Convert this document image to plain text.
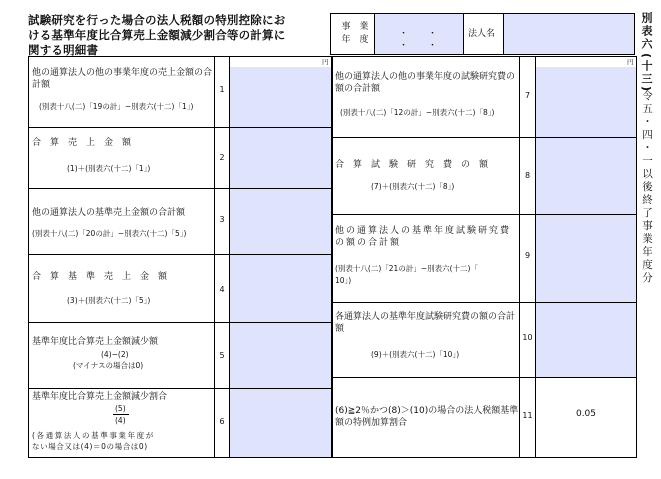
試験研究を行った場合の法人税額の特別控除にお
ける基準年度比合算売上金額減少割合等の計算に
関する明細書
事　業
年　度
・ ・
・ ・
法人名
円	円
他の通算法人の他の事業年度の売上金額の合計額
(別表十八(二)「19の計」−別表六(十二)「1」)
1
合　算　売　上　金　額
(1)＋(別表六(十二)「1」)
2
他の通算法人の基準売上金額の合計額
(別表十八(二)「20の計」−別表六(十二)「5」)
3
合　算　基　準　売　上　金　額
(3)＋(別表六(十二)「5」)
4
基準年度比合算売上金額減少額
(4)−(2)
(マイナスの場合は0)
5
基準年度比合算売上金額減少割合
(5)
(4)
(各通算法人の基準事業年度が
ない場合又は(4)＝0の場合は0)
6
他の通算法人の他の事業年度の試験研究費の額の合計額
(別表十八(二)「12の計」−別表六(十二)「8」)
7
合　算　試　験　研　究　費　の　額
(7)＋(別表六(十二)「8」)
8
他の通算法人の基準年度試験研究費の額の合計額
(別表十八(二)「21の計」−別表六(十二)「
10」)
9
各通算法人の基準年度試験研究費の額の合計額
(9)＋(別表六(十二)「10」)
10
(6)≧2％かつ(8)＞(10)の場合の法人税額基準額の特例加算割合
11	0.05
別表六
(十三)
令五・四・一以後終了事業年度分
